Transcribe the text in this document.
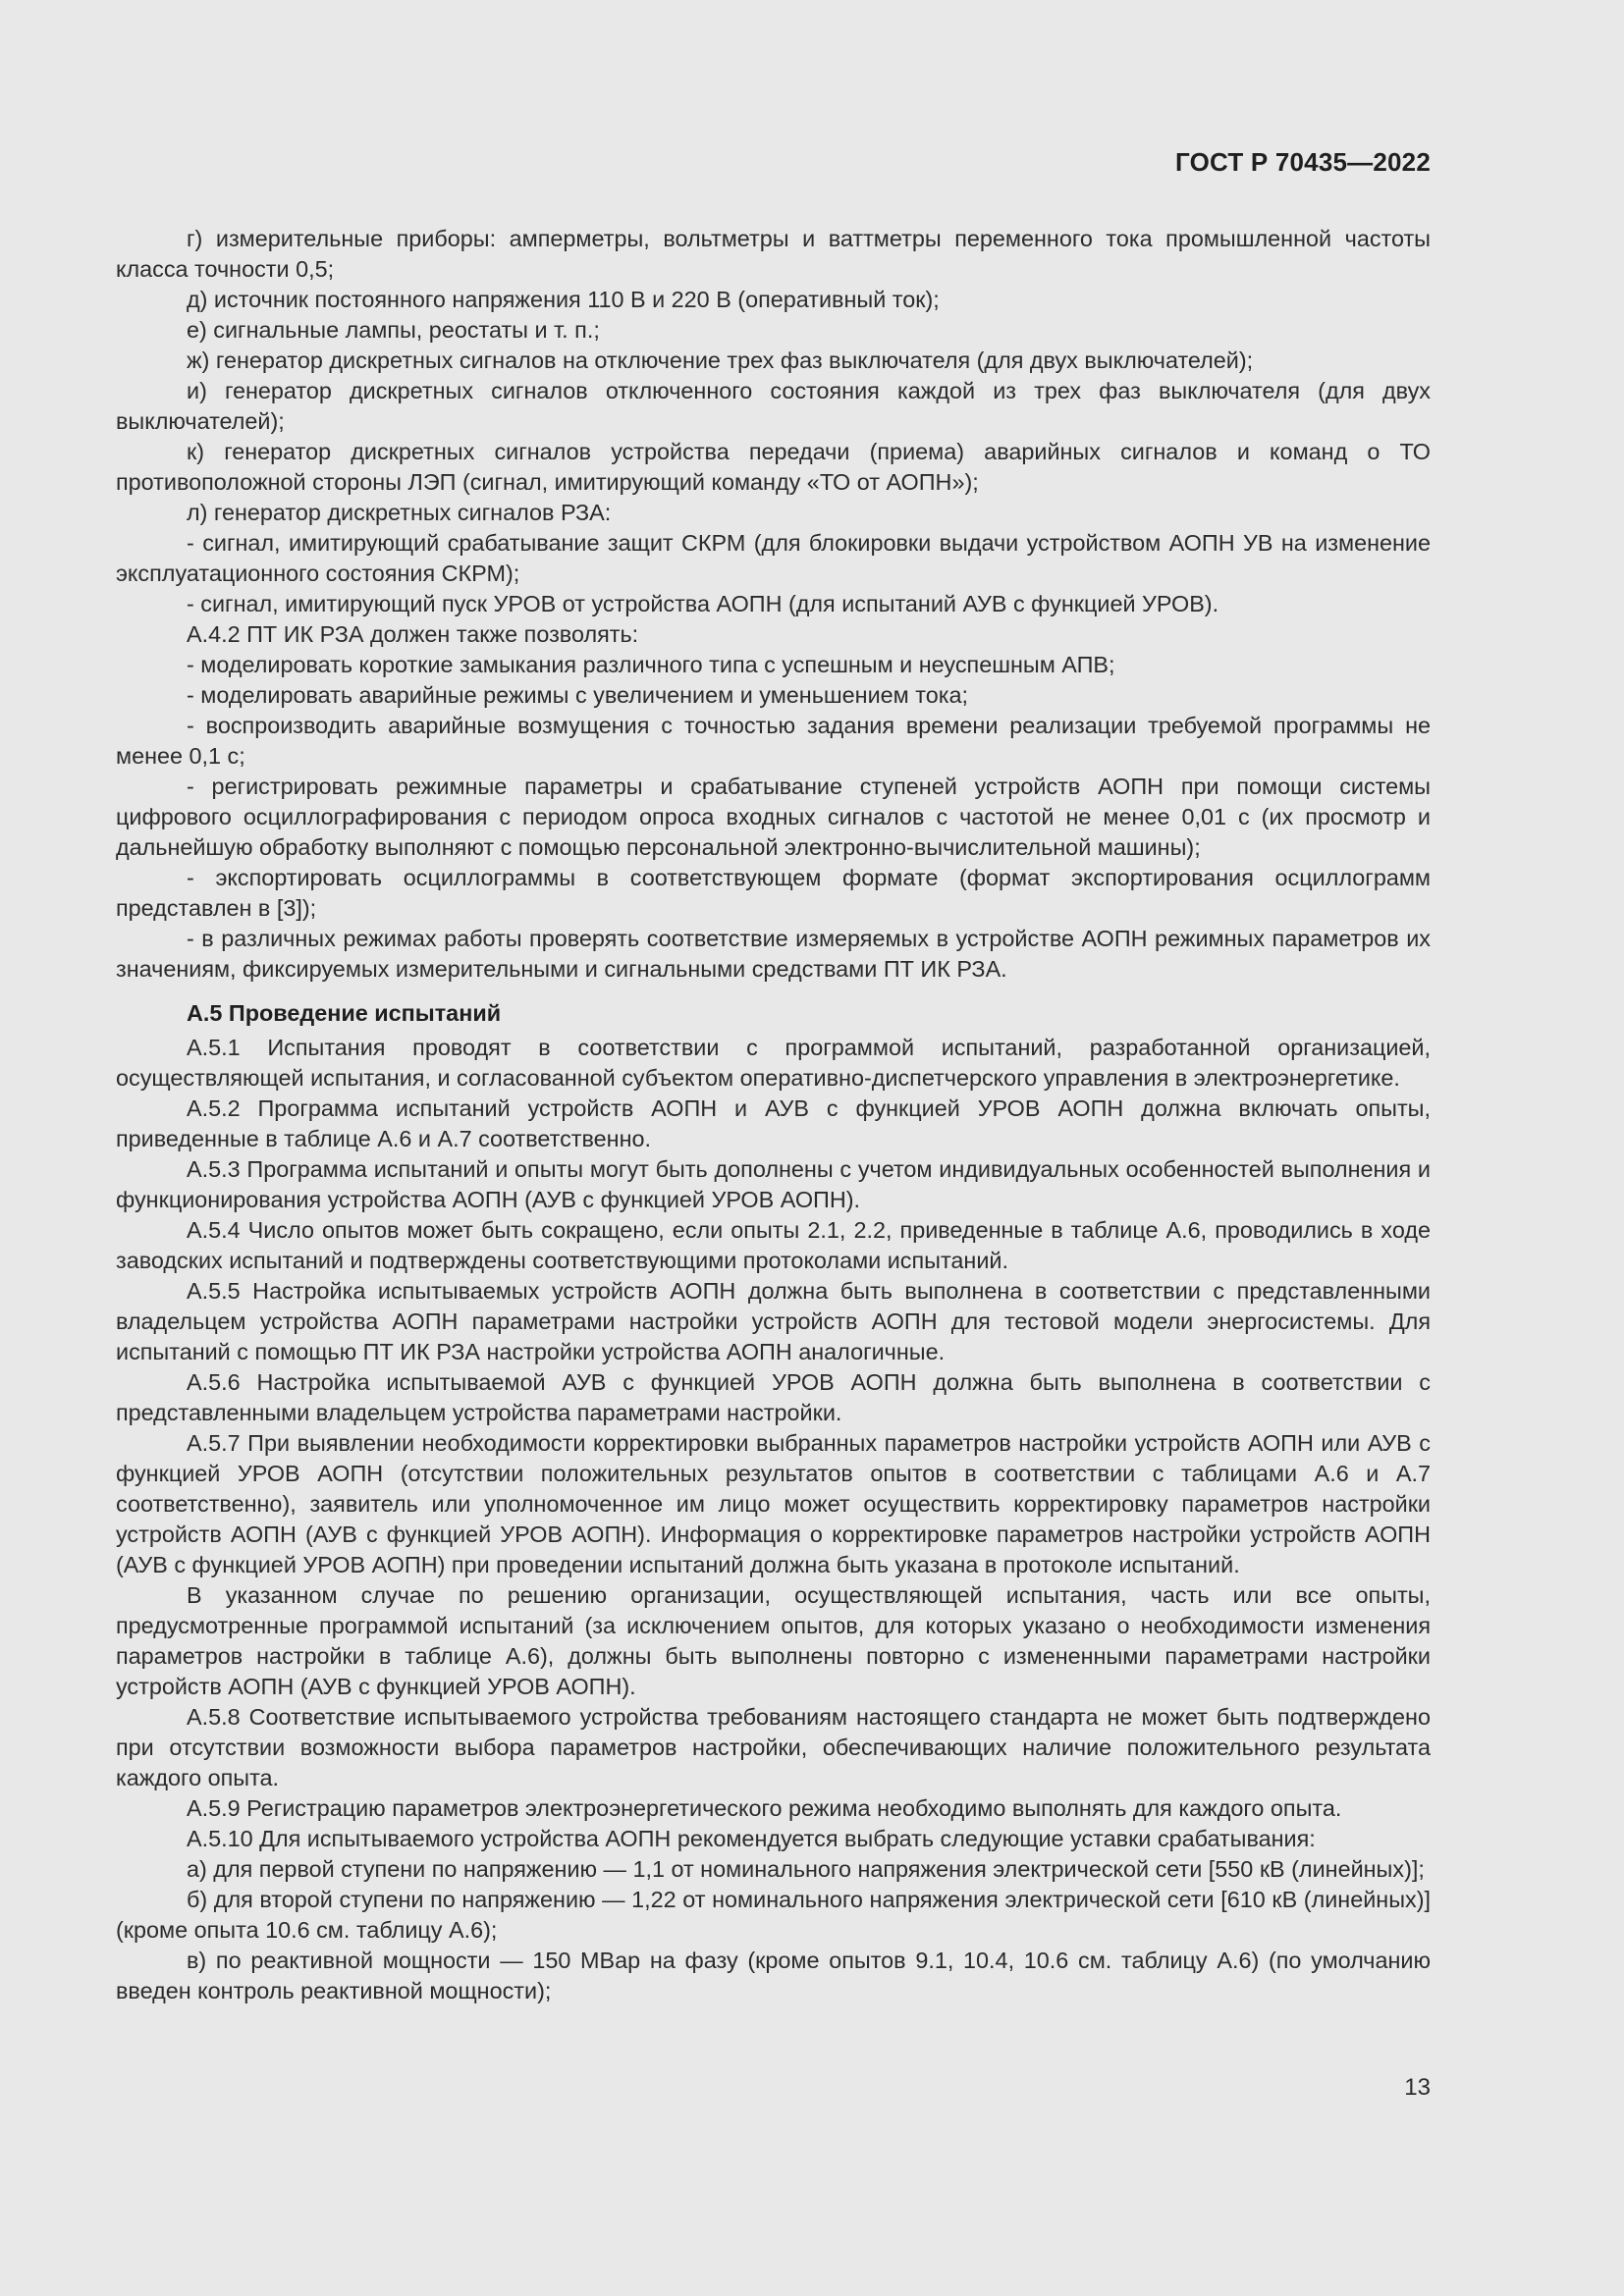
ГОСТ Р 70435—2022

г) измерительные приборы: амперметры, вольтметры и ваттметры переменного тока промышленной частоты класса точности 0,5;

д) источник постоянного напряжения 110 В и 220 В (оперативный ток);

е) сигнальные лампы, реостаты и т. п.;

ж) генератор дискретных сигналов на отключение трех фаз выключателя (для двух выключателей);

и) генератор дискретных сигналов отключенного состояния каждой из трех фаз выключателя (для двух выключателей);

к) генератор дискретных сигналов устройства передачи (приема) аварийных сигналов и команд о ТО противоположной стороны ЛЭП (сигнал, имитирующий команду «ТО от АОПН»);

л) генератор дискретных сигналов РЗА:

- сигнал, имитирующий срабатывание защит СКРМ (для блокировки выдачи устройством АОПН УВ на изменение эксплуатационного состояния СКРМ);

- сигнал, имитирующий пуск УРОВ от устройства АОПН (для испытаний АУВ с функцией УРОВ).

А.4.2 ПТ ИК РЗА должен также позволять:

- моделировать короткие замыкания различного типа с успешным и неуспешным АПВ;

- моделировать аварийные режимы с увеличением и уменьшением тока;

- воспроизводить аварийные возмущения с точностью задания времени реализации требуемой программы не менее 0,1 с;

- регистрировать режимные параметры и срабатывание ступеней устройств АОПН при помощи системы цифрового осциллографирования с периодом опроса входных сигналов с частотой не менее 0,01 с (их просмотр и дальнейшую обработку выполняют с помощью персональной электронно-вычислительной машины);

- экспортировать осциллограммы в соответствующем формате (формат экспортирования осциллограмм представлен в [3]);

- в различных режимах работы проверять соответствие измеряемых в устройстве АОПН режимных параметров их значениям, фиксируемых измерительными и сигнальными средствами ПТ ИК РЗА.

А.5 Проведение испытаний

А.5.1 Испытания проводят в соответствии с программой испытаний, разработанной организацией, осуществляющей испытания, и согласованной субъектом оперативно-диспетчерского управления в электроэнергетике.

А.5.2 Программа испытаний устройств АОПН и АУВ с функцией УРОВ АОПН должна включать опыты, приведенные в таблице А.6 и А.7 соответственно.

А.5.3 Программа испытаний и опыты могут быть дополнены с учетом индивидуальных особенностей выполнения и функционирования устройства АОПН (АУВ с функцией УРОВ АОПН).

А.5.4 Число опытов может быть сокращено, если опыты 2.1, 2.2, приведенные в таблице А.6, проводились в ходе заводских испытаний и подтверждены соответствующими протоколами испытаний.

А.5.5 Настройка испытываемых устройств АОПН должна быть выполнена в соответствии с представленными владельцем устройства АОПН параметрами настройки устройств АОПН для тестовой модели энергосистемы. Для испытаний с помощью ПТ ИК РЗА настройки устройства АОПН аналогичные.

А.5.6 Настройка испытываемой АУВ с функцией УРОВ АОПН должна быть выполнена в соответствии с представленными владельцем устройства параметрами настройки.

А.5.7 При выявлении необходимости корректировки выбранных параметров настройки устройств АОПН или АУВ с функцией УРОВ АОПН (отсутствии положительных результатов опытов в соответствии с таблицами А.6 и А.7 соответственно), заявитель или уполномоченное им лицо может осуществить корректировку параметров настройки устройств АОПН (АУВ с функцией УРОВ АОПН). Информация о корректировке параметров настройки устройств АОПН (АУВ с функцией УРОВ АОПН) при проведении испытаний должна быть указана в протоколе испытаний.

В указанном случае по решению организации, осуществляющей испытания, часть или все опыты, предусмотренные программой испытаний (за исключением опытов, для которых указано о необходимости изменения параметров настройки в таблице А.6), должны быть выполнены повторно с измененными параметрами настройки устройств АОПН (АУВ с функцией УРОВ АОПН).

А.5.8 Соответствие испытываемого устройства требованиям настоящего стандарта не может быть подтверждено при отсутствии возможности выбора параметров настройки, обеспечивающих наличие положительного результата каждого опыта.

А.5.9 Регистрацию параметров электроэнергетического режима необходимо выполнять для каждого опыта.

А.5.10 Для испытываемого устройства АОПН рекомендуется выбрать следующие уставки срабатывания:

а) для первой ступени по напряжению — 1,1 от номинального напряжения электрической сети [550 кВ (линейных)];

б) для второй ступени по напряжению — 1,22 от номинального напряжения электрической сети [610 кВ (линейных)] (кроме опыта 10.6 см. таблицу А.6);

в) по реактивной мощности — 150 МВар на фазу (кроме опытов 9.1, 10.4, 10.6 см. таблицу А.6) (по умолчанию введен контроль реактивной мощности);

13
